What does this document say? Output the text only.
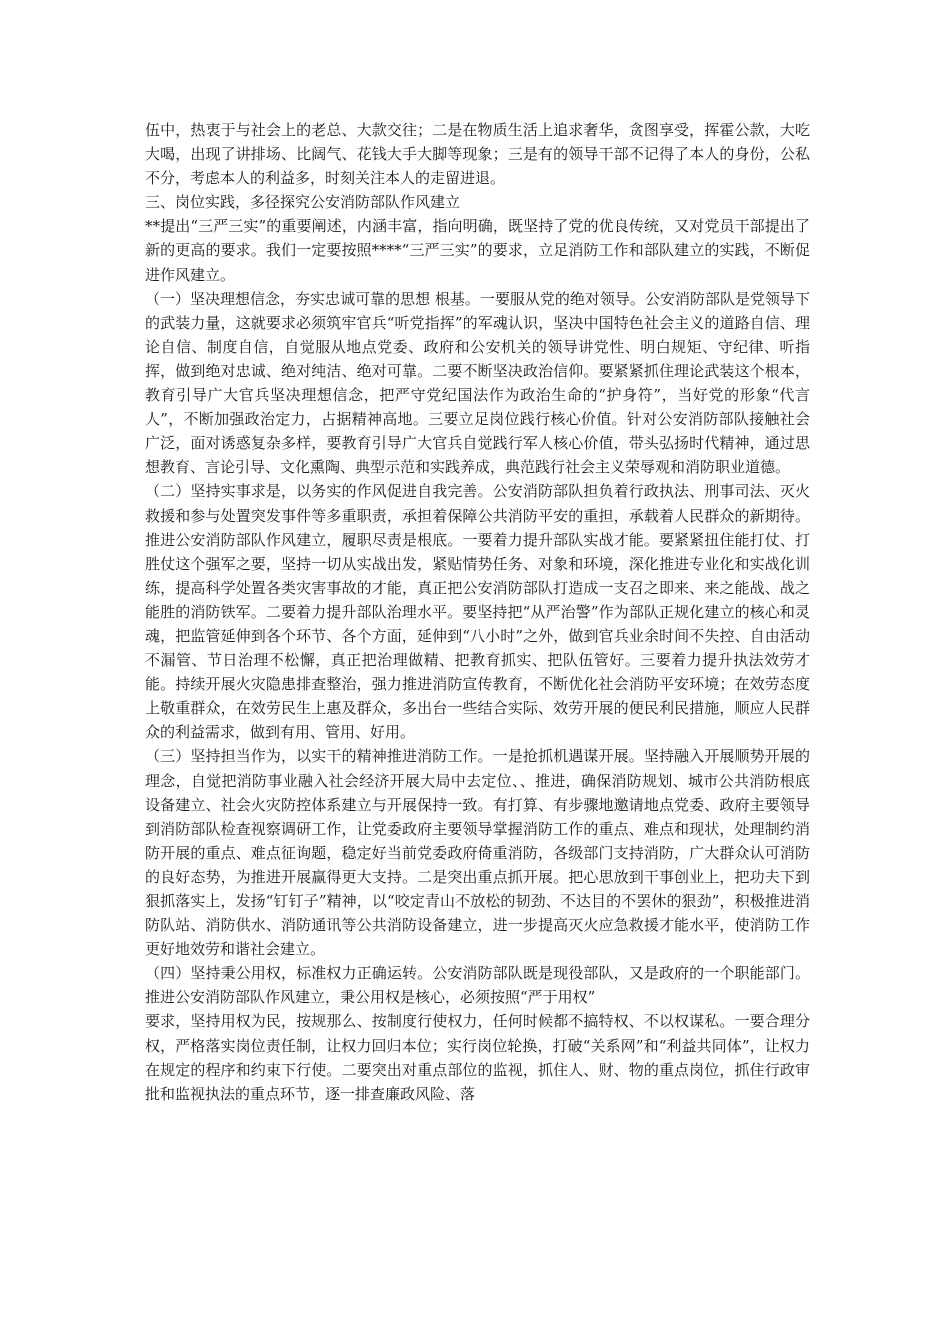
伍中，热衷于与社会上的老总、大款交往；二是在物质生活上追求奢华，贪图享受，挥霍公款，大吃大喝，出现了讲排场、比阔气、花钱大手大脚等现象；三是有的领导干部不记得了本人的身份，公私不分，考虑本人的利益多，时刻关注本人的走留进退。

三、岗位实践，多径探究公安消防部队作风建立

**提出“三严三实”的重要阐述，内涵丰富，指向明确，既坚持了党的优良传统，又对党员干部提出了新的更高的要求。我们一定要按照****“三严三实”的要求，立足消防工作和部队建立的实践，不断促进作风建立。

（一）坚决理想信念，夯实忠诚可靠的思想 根基。一要服从党的绝对领导。公安消防部队是党领导下的武装力量，这就要求必须筑牢官兵“听党指挥”的军魂认识，坚决中国特色社会主义的道路自信、理论自信、制度自信，自觉服从地点党委、政府和公安机关的领导讲党性、明白规矩、守纪律、听指挥，做到绝对忠诚、绝对纯洁、绝对可靠。二要不断坚决政治信仰。要紧紧抓住理论武装这个根本，教育引导广大官兵坚决理想信念，把严守党纪国法作为政治生命的“护身符”，当好党的形象“代言人”，不断加强政治定力，占据精神高地。三要立足岗位践行核心价值。针对公安消防部队接触社会广泛，面对诱惑复杂多样，要教育引导广大官兵自觉践行军人核心价值，带头弘扬时代精神，通过思想教育、言论引导、文化熏陶、典型示范和实践养成，典范践行社会主义荣辱观和消防职业道德。

（二）坚持实事求是，以务实的作风促进自我完善。公安消防部队担负着行政执法、刑事司法、灭火救援和参与处置突发事件等多重职责，承担着保障公共消防平安的重担，承载着人民群众的新期待。推进公安消防部队作风建立，履职尽责是根底。一要着力提升部队实战才能。要紧紧扭住能打仗、打胜仗这个强军之要，坚持一切从实战出发，紧贴情势任务、对象和环境，深化推进专业化和实战化训练，提高科学处置各类灾害事故的才能，真正把公安消防部队打造成一支召之即来、来之能战、战之能胜的消防铁军。二要着力提升部队治理水平。要坚持把“从严治警”作为部队正规化建立的核心和灵魂，把监管延伸到各个环节、各个方面，延伸到“八小时”之外，做到官兵业余时间不失控、自由活动不漏管、节日治理不松懈，真正把治理做精、把教育抓实、把队伍管好。三要着力提升执法效劳才能。持续开展火灾隐患排查整治，强力推进消防宣传教育，不断优化社会消防平安环境；在效劳态度上敬重群众，在效劳民生上惠及群众，多出台一些结合实际、效劳开展的便民利民措施，顺应人民群众的利益需求，做到有用、管用、好用。

（三）坚持担当作为，以实干的精神推进消防工作。一是抢抓机遇谋开展。坚持融入开展顺势开展的理念，自觉把消防事业融入社会经济开展大局中去定位、、推进，确保消防规划、城市公共消防根底设备建立、社会火灾防控体系建立与开展保持一致。有打算、有步骤地邀请地点党委、政府主要领导到消防部队检查视察调研工作，让党委政府主要领导掌握消防工作的重点、难点和现状，处理制约消防开展的重点、难点征询题，稳定好当前党委政府倚重消防，各级部门支持消防，广大群众认可消防的良好态势，为推进开展赢得更大支持。二是突出重点抓开展。把心思放到干事创业上，把功夫下到狠抓落实上，发扬“钉钉子”精神，以“咬定青山不放松的韧劲、不达目的不罢休的狠劲”，积极推进消防队站、消防供水、消防通讯等公共消防设备建立，进一步提高灭火应急救援才能水平，使消防工作更好地效劳和谐社会建立。

（四）坚持秉公用权，标准权力正确运转。公安消防部队既是现役部队，又是政府的一个职能部门。推进公安消防部队作风建立，秉公用权是核心，必须按照“严于用权”

要求，坚持用权为民，按规那么、按制度行使权力，任何时候都不搞特权、不以权谋私。一要合理分权，严格落实岗位责任制，让权力回归本位；实行岗位轮换，打破“关系网”和“利益共同体”，让权力在规定的程序和约束下行使。二要突出对重点部位的监视，抓住人、财、物的重点岗位，抓住行政审批和监视执法的重点环节，逐一排查廉政风险、落
